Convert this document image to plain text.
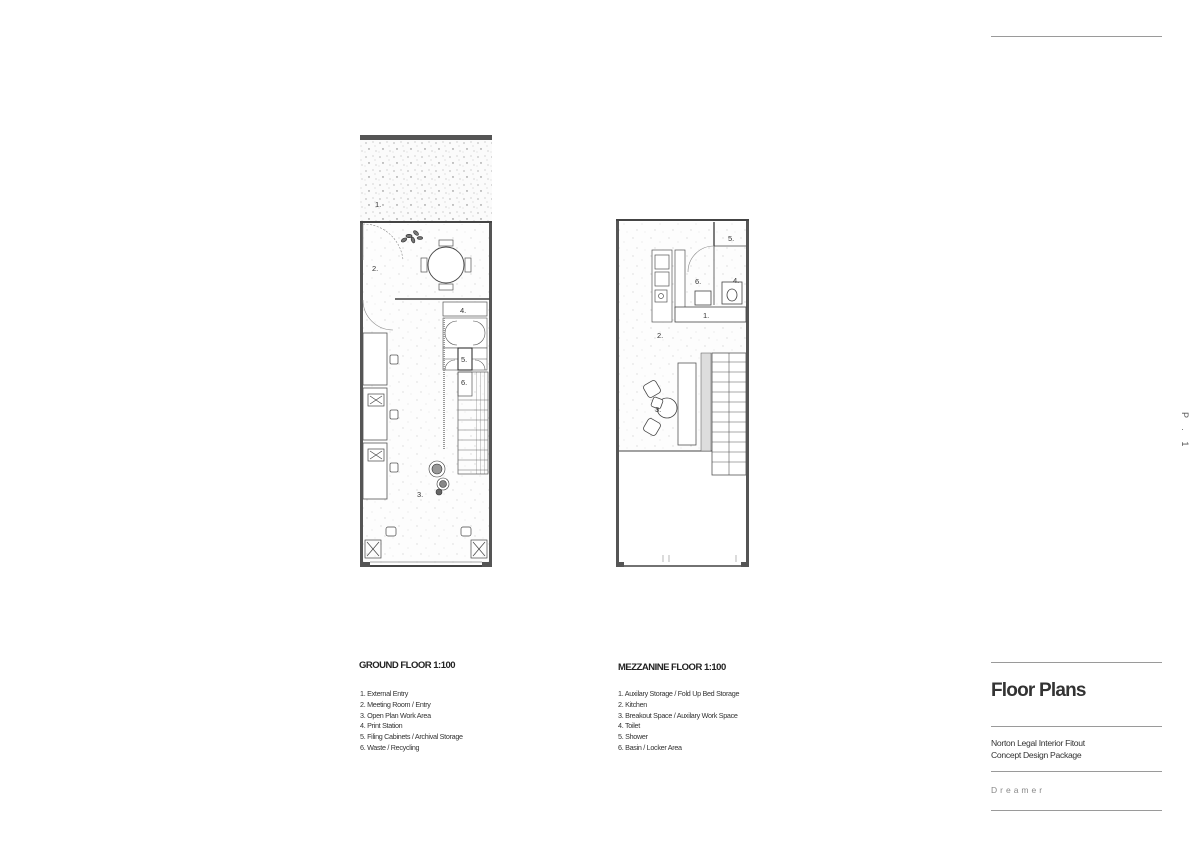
1.
2.
3.
4.
5.
6.
1.
2.
3.
4.
5.
6.
GROUND FLOOR 1:100
1. External Entry
2. Meeting Room / Entry
3. Open Plan Work Area
4. Print Station
5. Filing Cabinets / Archival Storage
6. Waste / Recycling
MEZZANINE FLOOR 1:100
1. Auxilary Storage / Fold Up Bed Storage
2. Kitchen
3. Breakout Space / Auxilary Work Space
4. Toilet
5. Shower
6. Basin / Locker Area
P . 1
Floor Plans
Norton Legal Interior Fitout
Concept Design Package
Dreamer
